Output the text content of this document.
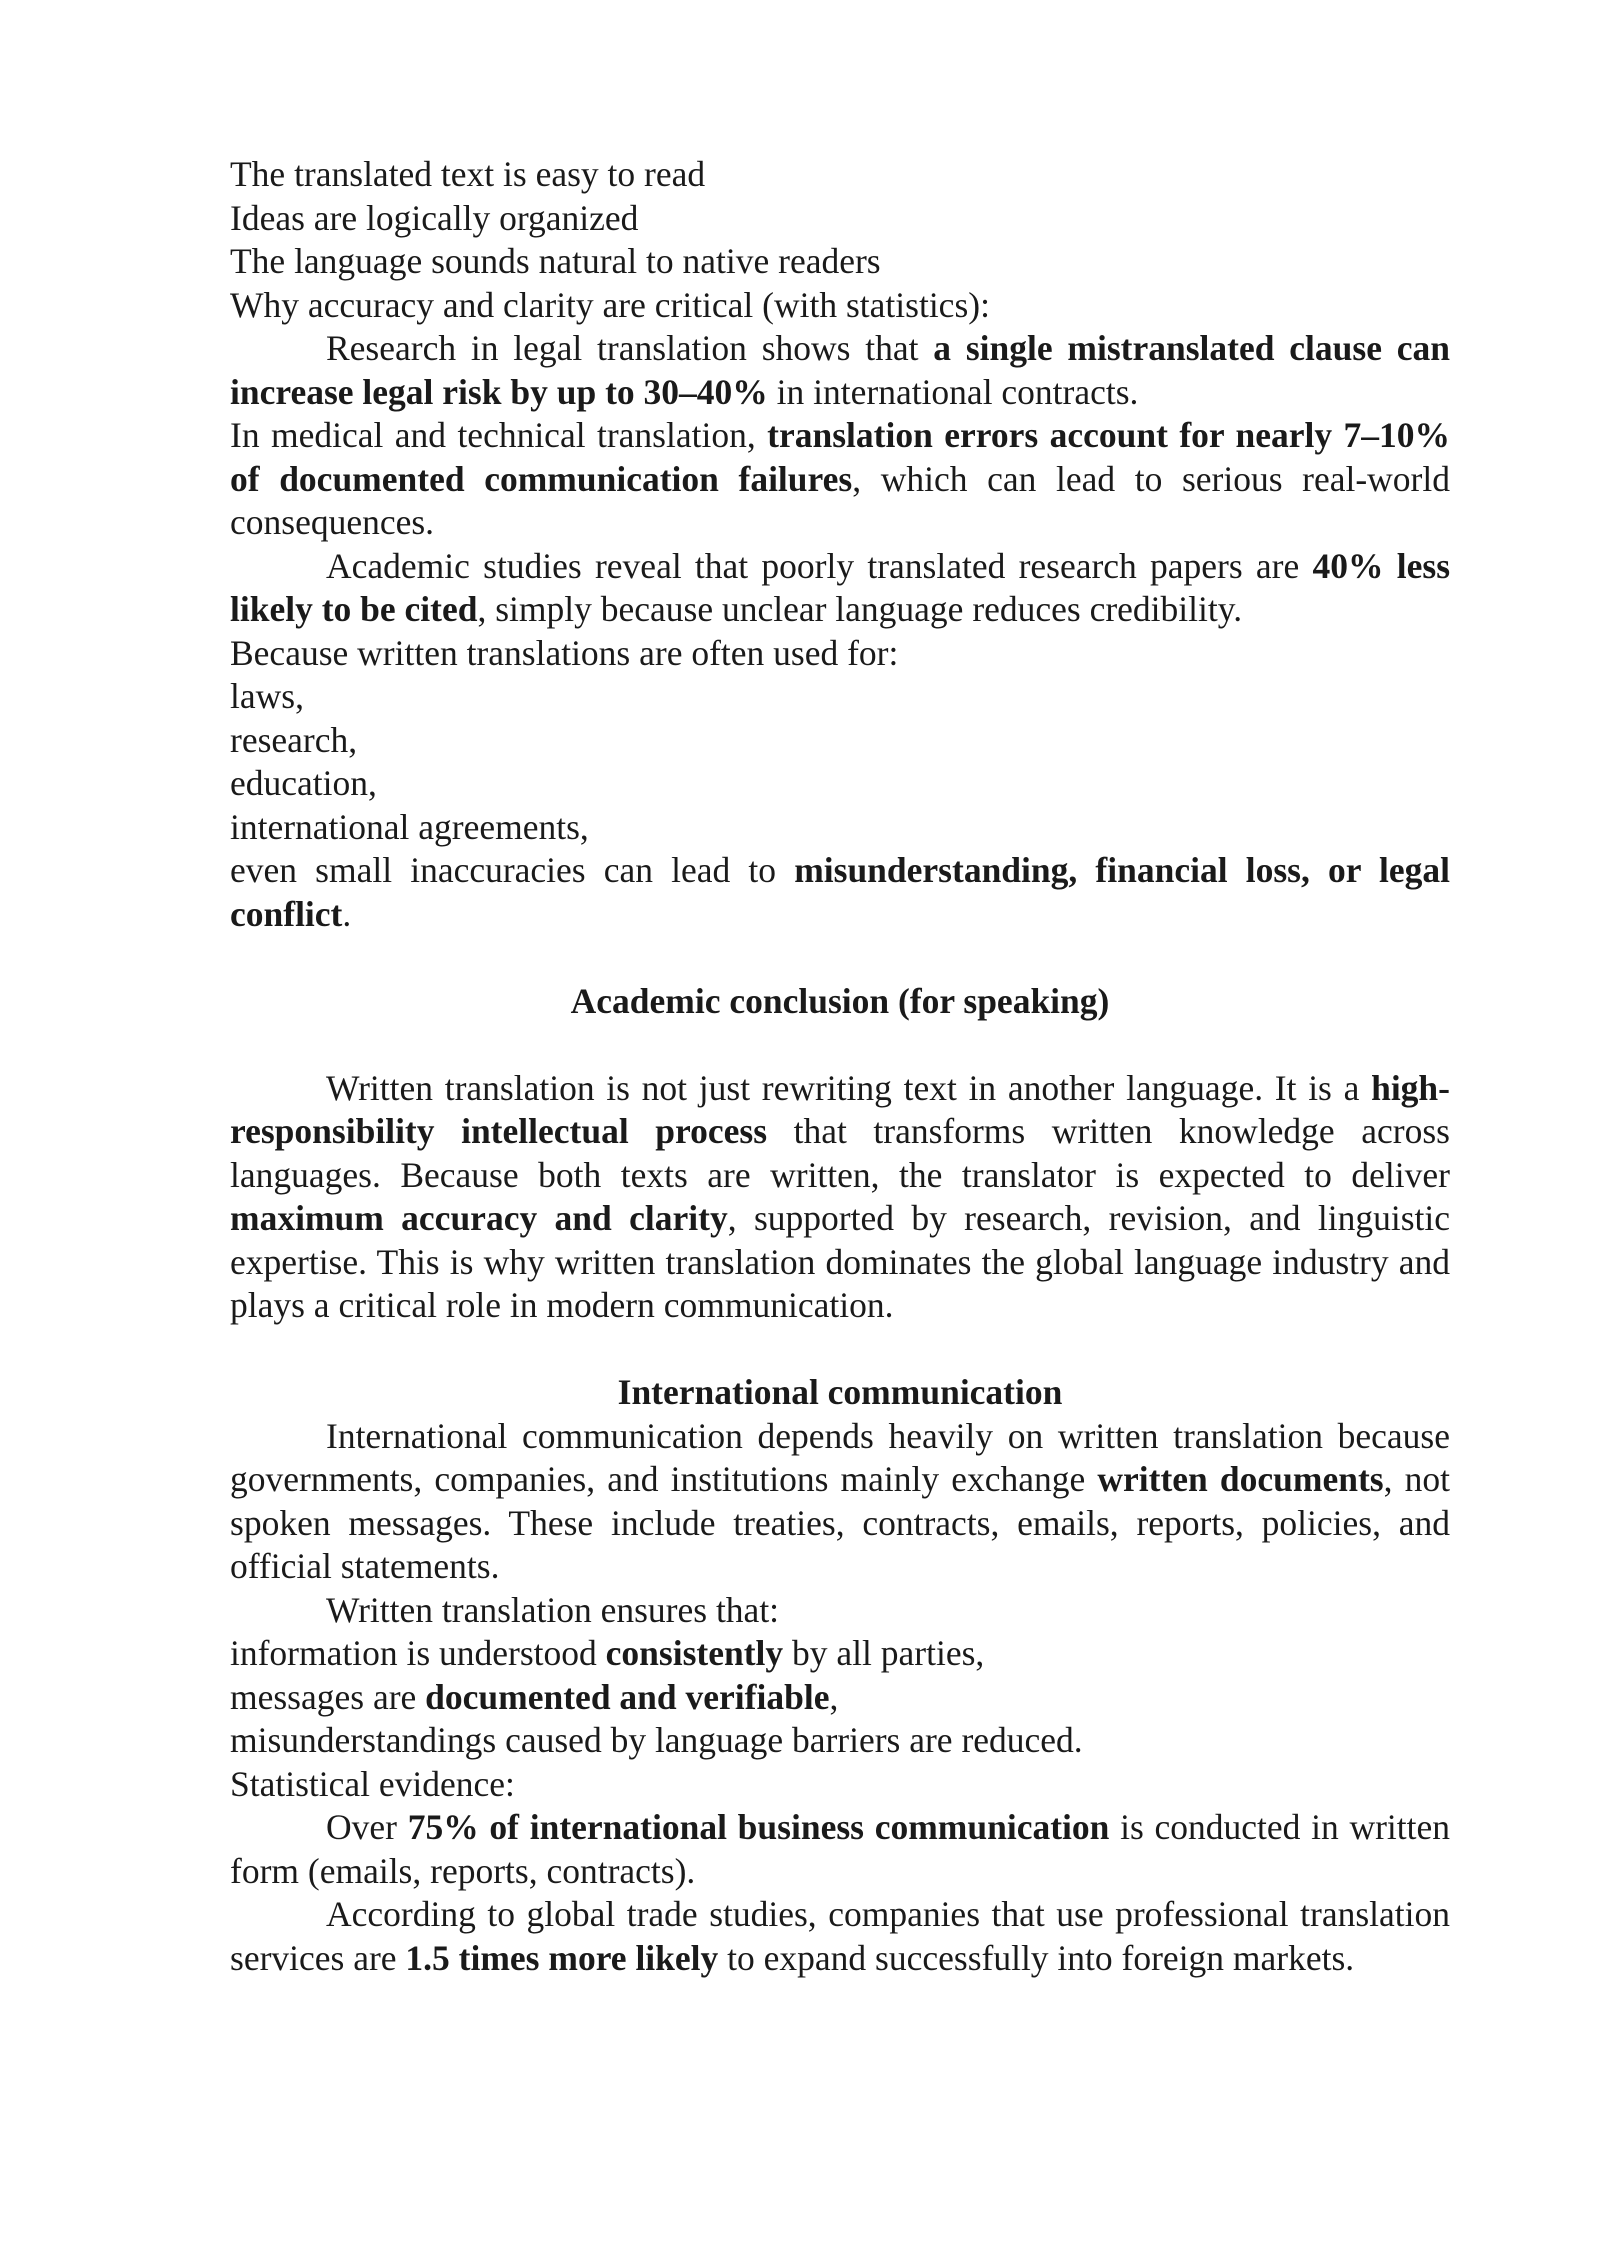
The translated text is easy to read

Ideas are logically organized

The language sounds natural to native readers

Why accuracy and clarity are critical (with statistics):

Research in legal translation shows that a single mistranslated clause can increase legal risk by up to 30–40% in international contracts.

In medical and technical translation, translation errors account for nearly 7–10% of documented communication failures, which can lead to serious real-world consequences.

Academic studies reveal that poorly translated research papers are 40% less likely to be cited, simply because unclear language reduces credibility.

Because written translations are often used for:

laws,

research,

education,

international agreements,

even small inaccuracies can lead to misunderstanding, financial loss, or legal conflict.

Academic conclusion (for speaking)

Written translation is not just rewriting text in another language. It is a high-responsibility intellectual process that transforms written knowledge across languages. Because both texts are written, the translator is expected to deliver maximum accuracy and clarity, supported by research, revision, and linguistic expertise. This is why written translation dominates the global language industry and plays a critical role in modern communication.

International communication

International communication depends heavily on written translation because governments, companies, and institutions mainly exchange written documents, not spoken messages. These include treaties, contracts, emails, reports, policies, and official statements.

Written translation ensures that:

information is understood consistently by all parties,

messages are documented and verifiable,

misunderstandings caused by language barriers are reduced.

Statistical evidence:

Over 75% of international business communication is conducted in written form (emails, reports, contracts).

According to global trade studies, companies that use professional translation services are 1.5 times more likely to expand successfully into foreign markets.
